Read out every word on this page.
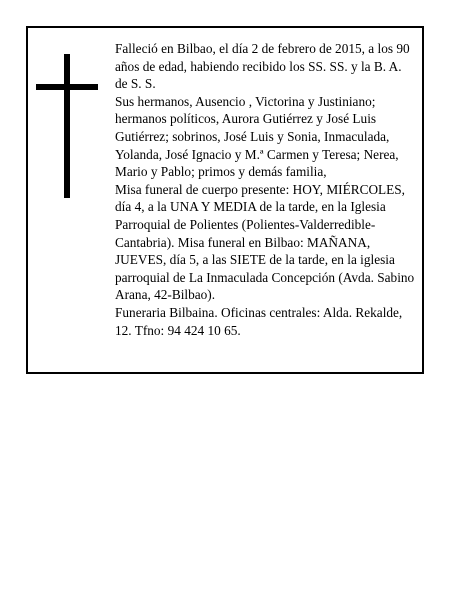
Falleció en Bilbao, el día 2 de febrero de 2015, a los 90 años de edad, habiendo recibido los SS. SS. y la B. A. de S. S.

Sus hermanos, Ausencio , Victorina y Justiniano; hermanos políticos, Aurora Gutiérrez y José Luis Gutiérrez; sobrinos, José Luis y Sonia, Inmaculada, Yolanda, José Ignacio y M.ª Carmen y Teresa; Nerea, Mario y Pablo; primos y demás familia,

Misa funeral de cuerpo presente: HOY, MIÉRCOLES, día 4, a la UNA Y MEDIA de la tarde, en la Iglesia Parroquial de Polientes (Polientes-Valderredible-Cantabria). Misa funeral en Bilbao: MAÑANA, JUEVES, día 5, a las SIETE de la tarde, en la iglesia parroquial de La Inmaculada Concepción (Avda. Sabino Arana, 42-Bilbao).

Funeraria Bilbaina. Oficinas centrales: Alda. Rekalde, 12. Tfno: 94 424 10 65.
